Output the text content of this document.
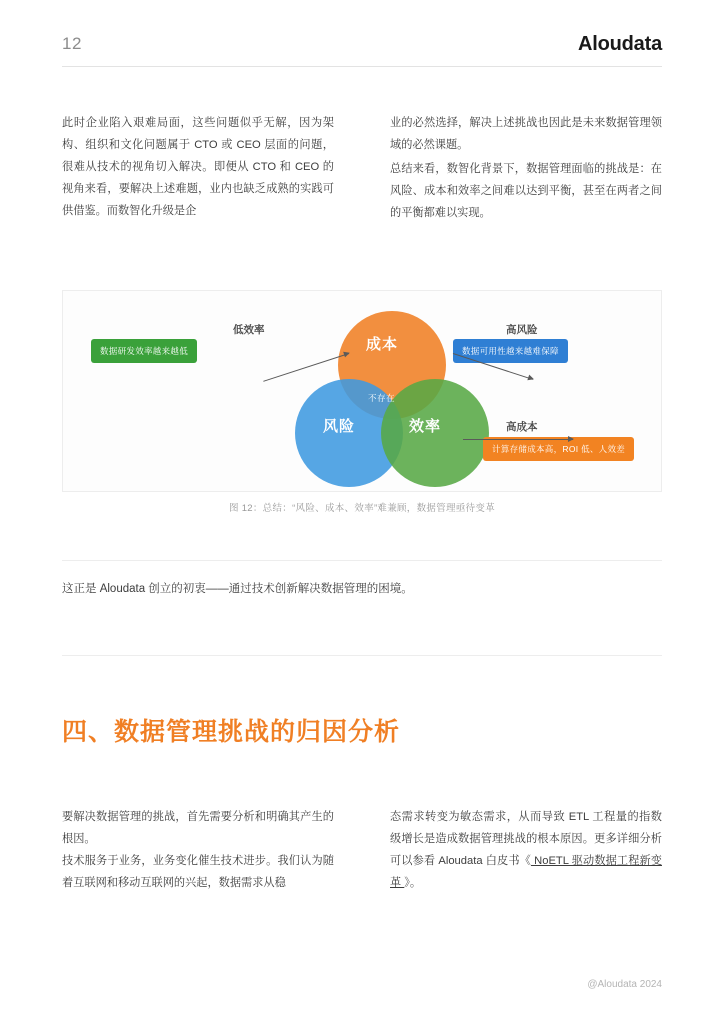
12	Aloudata

此时企业陷入艰难局面，这些问题似乎无解，因为架构、组织和文化问题属于 CTO 或 CEO 层面的问题，很难从技术的视角切入解决。即便从 CTO 和 CEO 的视角来看，要解决上述难题，业内也缺乏成熟的实践可供借鉴。而数智化升级是企

业的必然选择，解决上述挑战也因此是未来数据管理领域的必然课题。

总结来看，数智化背景下，数据管理面临的挑战是：在风险、成本和效率之间难以达到平衡，甚至在两者之间的平衡都难以实现。

成本
风险	效率
不存在
低效率	高风险
高成本
数据研发效率越来越低	数据可用性越来越难保障
计算存储成本高，ROI 低、人效差
图 12：总结：“风险、成本、效率”难兼顾，数据管理亟待变革
这正是 Aloudata 创立的初衷——通过技术创新解决数据管理的困境。
四、数据管理挑战的归因分析

要解决数据管理的挑战，首先需要分析和明确其产生的根因。

技术服务于业务，业务变化催生技术进步。我们认为随着互联网和移动互联网的兴起，数据需求从稳

态需求转变为敏态需求，从而导致 ETL 工程量的指数级增长是造成数据管理挑战的根本原因。更多详细分析可以参看 Aloudata 白皮书《 NoETL 驱动数据工程新变革 》。

@Aloudata 2024
